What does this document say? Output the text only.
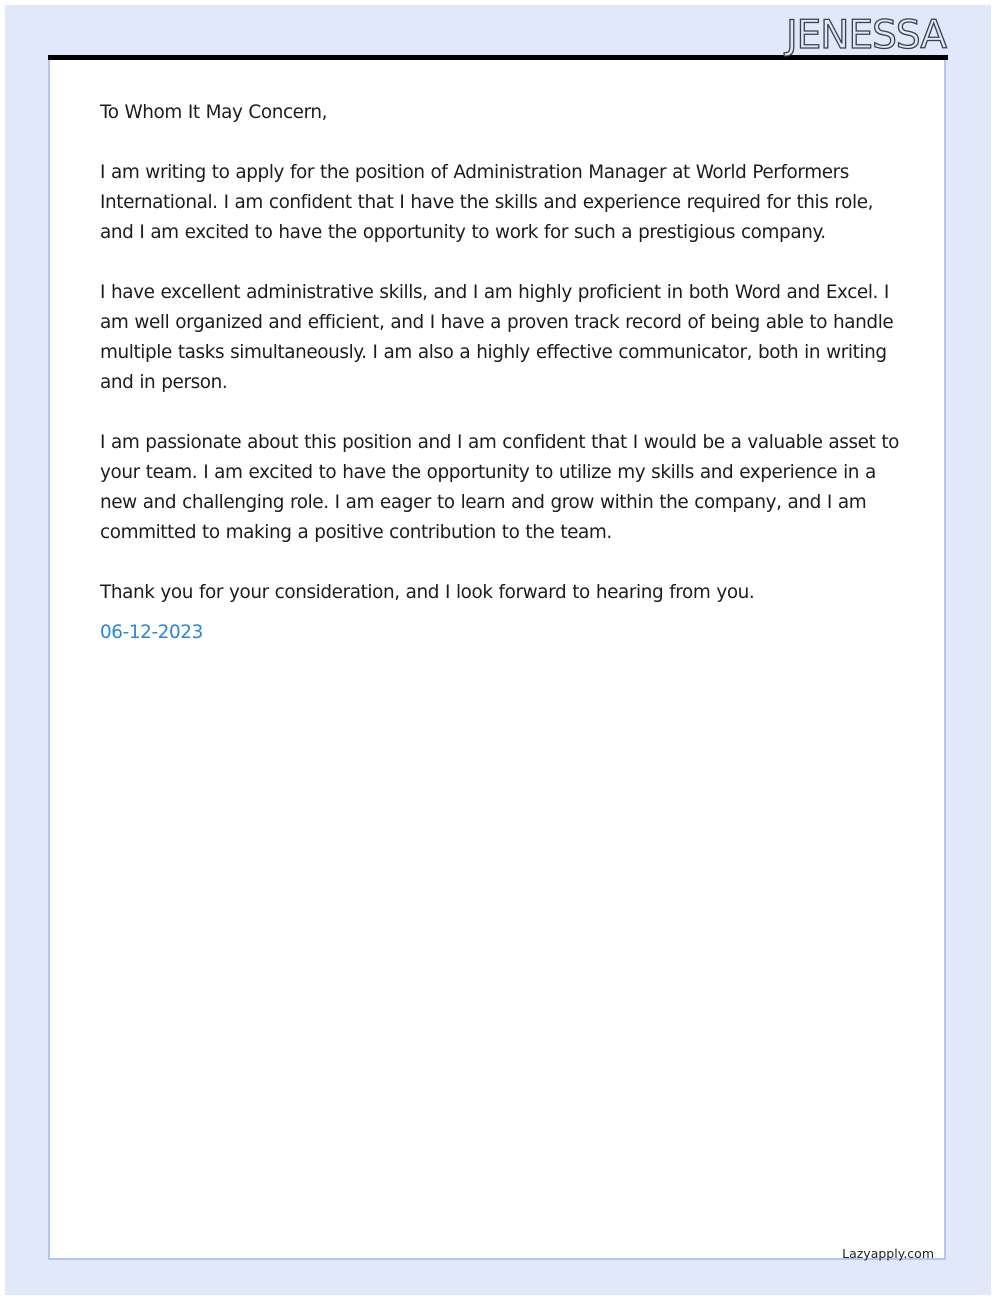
JENESSA

To Whom It May Concern,

I am writing to apply for the position of Administration Manager at World Performers International. I am confident that I have the skills and experience required for this role, and I am excited to have the opportunity to work for such a prestigious company.

I have excellent administrative skills, and I am highly proficient in both Word and Excel. I am well organized and efficient, and I have a proven track record of being able to handle multiple tasks simultaneously. I am also a highly effective communicator, both in writing and in person.

I am passionate about this position and I am confident that I would be a valuable asset to your team. I am excited to have the opportunity to utilize my skills and experience in a new and challenging role. I am eager to learn and grow within the company, and I am committed to making a positive contribution to the team.

Thank you for your consideration, and I look forward to hearing from you.

06-12-2023
Lazyapply.com
